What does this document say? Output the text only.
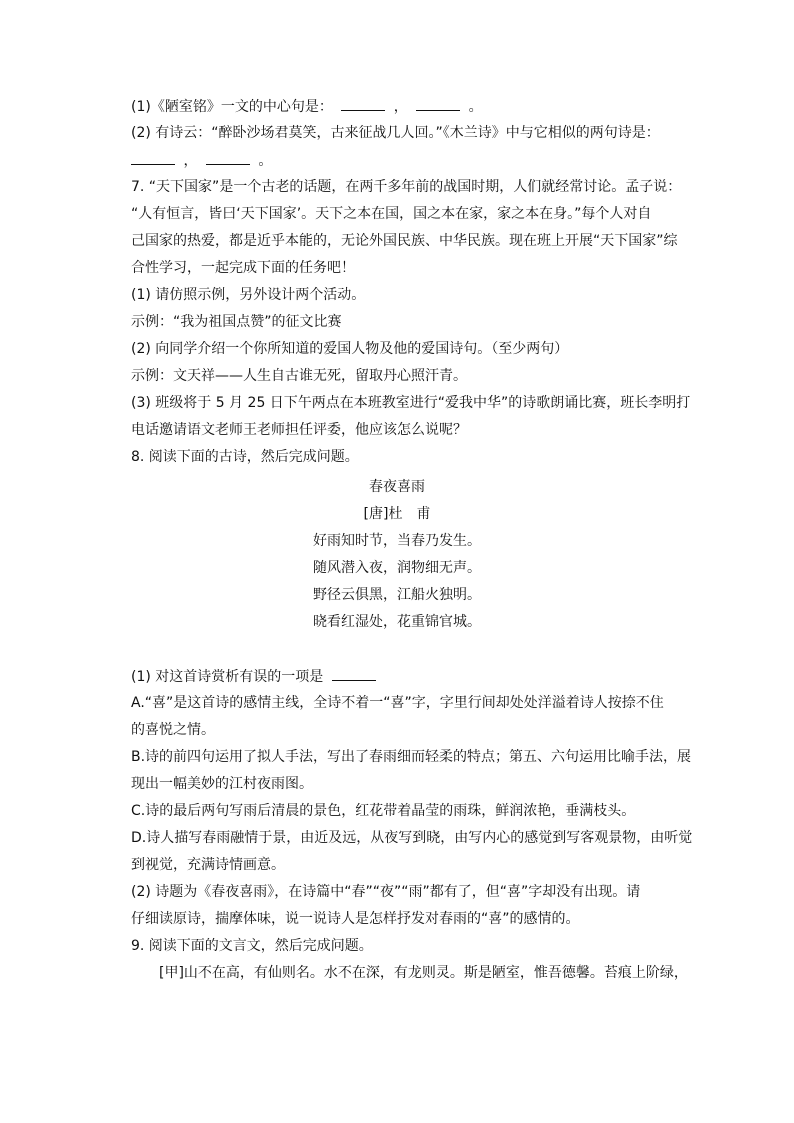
(1)《陋室铭》一文的中心句是：	，	。
(2) 有诗云：“醉卧沙场君莫笑，古来征战几人回。”《木兰诗》中与它相似的两句诗是：
，	。
7. “天下国家”是一个古老的话题，在两千多年前的战国时期，人们就经常讨论。孟子说：
“人有恒言，皆曰‘天下国家’。天下之本在国，国之本在家，家之本在身。”每个人对自
己国家的热爱，都是近乎本能的，无论外国民族、中华民族。现在班上开展“天下国家”综
合性学习，一起完成下面的任务吧！
(1) 请仿照示例，另外设计两个活动。
示例：“我为祖国点赞”的征文比赛
(2) 向同学介绍一个你所知道的爱国人物及他的爱国诗句。（至少两句）
示例：文天祥——人生自古谁无死，留取丹心照汗青。
(3) 班级将于 5 月 25 日下午两点在本班教室进行“爱我中华”的诗歌朗诵比赛，班长李明打
电话邀请语文老师王老师担任评委，他应该怎么说呢？
8. 阅读下面的古诗，然后完成问题。
春夜喜雨
[唐]杜　甫
好雨知时节，当春乃发生。
随风潜入夜，润物细无声。
野径云俱黑，江船火独明。
晓看红湿处，花重锦官城。
(1) 对这首诗赏析有误的一项是
A.“喜”是这首诗的感情主线，全诗不着一“喜”字，字里行间却处处洋溢着诗人按捺不住
的喜悦之情。
B.诗的前四句运用了拟人手法，写出了春雨细而轻柔的特点；第五、六句运用比喻手法，展
现出一幅美妙的江村夜雨图。
C.诗的最后两句写雨后清晨的景色，红花带着晶莹的雨珠，鲜润浓艳，垂满枝头。
D.诗人描写春雨融情于景，由近及远，从夜写到晓，由写内心的感觉到写客观景物，由听觉
到视觉，充满诗情画意。
(2) 诗题为《春夜喜雨》，在诗篇中“春”“夜”“雨”都有了，但“喜”字却没有出现。请
仔细读原诗，揣摩体味，说一说诗人是怎样抒发对春雨的“喜”的感情的。
9. 阅读下面的文言文，然后完成问题。
[甲]山不在高，有仙则名。水不在深，有龙则灵。斯是陋室，惟吾德馨。苔痕上阶绿，
